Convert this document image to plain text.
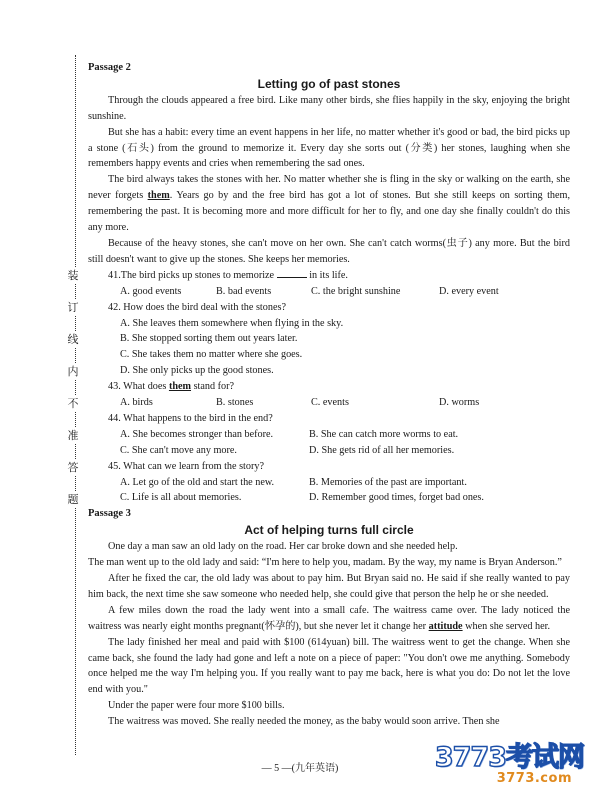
装
订
线
内
不
准
答
题
Passage 2
Letting go of past stones

Through the clouds appeared a free bird. Like many other birds, she flies happily in the sky, enjoying the bright sunshine.

But she has a habit: every time an event happens in her life, no matter whether it's good or bad, the bird picks up a stone (石头) from the ground to memorize it. Every day she sorts out (分类) her stones, laughing when she remembers happy events and cries when remembering the sad ones.

The bird always takes the stones with her. No matter whether she is fling in the sky or walking on the earth, she never forgets them. Years go by and the free bird has got a lot of stones. But she still keeps on sorting them, remembering the past. It is becoming more and more difficult for her to fly, and one day she finally couldn't do this any more.

Because of the heavy stones, she can't move on her own. She can't catch worms(虫子) any more. But the bird still doesn't want to give up the stones. She keeps her memories.

41.The bird picks up stones to memorize	in its life.

A. good events	B. bad events	C. the bright sunshine	D. every event

42. How does the bird deal with the stones?

A. She leaves them somewhere when flying in the sky.

B. She stopped sorting them out years later.

C. She takes them no matter where she goes.

D. She only picks up the good stones.

43. What does them stand for?

A. birds	B. stones	C. events	D. worms

44. What happens to the bird in the end?

A. She becomes stronger than before.	B. She can catch more worms to eat.
C. She can't move any more.	D. She gets rid of all her memories.

45. What can we learn from the story?

A. Let go of the old and start the new.	B. Memories of the past are important.
C. Life is all about memories.	D. Remember good times, forget bad ones.
Passage 3
Act of helping turns full circle

One day a man saw an old lady on the road. Her car broke down and she needed help.

The man went up to the old lady and said: “I'm here to help you, madam. By the way, my name is Bryan Anderson.”

After he fixed the car, the old lady was about to pay him. But Bryan said no. He said if she really wanted to pay him back, the next time she saw someone who needed help, she could give that person the help he or she needed.

A few miles down the road the lady went into a small cafe. The waitress came over. The lady noticed the waitress was nearly eight months pregnant(怀孕的), but she never let it change her attitude when she served her.

The lady finished her meal and paid with $100 (614yuan) bill. The waitress went to get the change. When she came back, she found the lady had gone and left a note on a piece of paper: "You don't owe me anything. Somebody once helped me the way I'm helping you. If you really want to pay me back, here is what you do: Do not let the love end with you."

Under the paper were four more $100 bills.

The waitress was moved. She really needed the money, as the baby would soon arrive. Then she

3773考试网
— 5 —(九年英语)
3773.com
